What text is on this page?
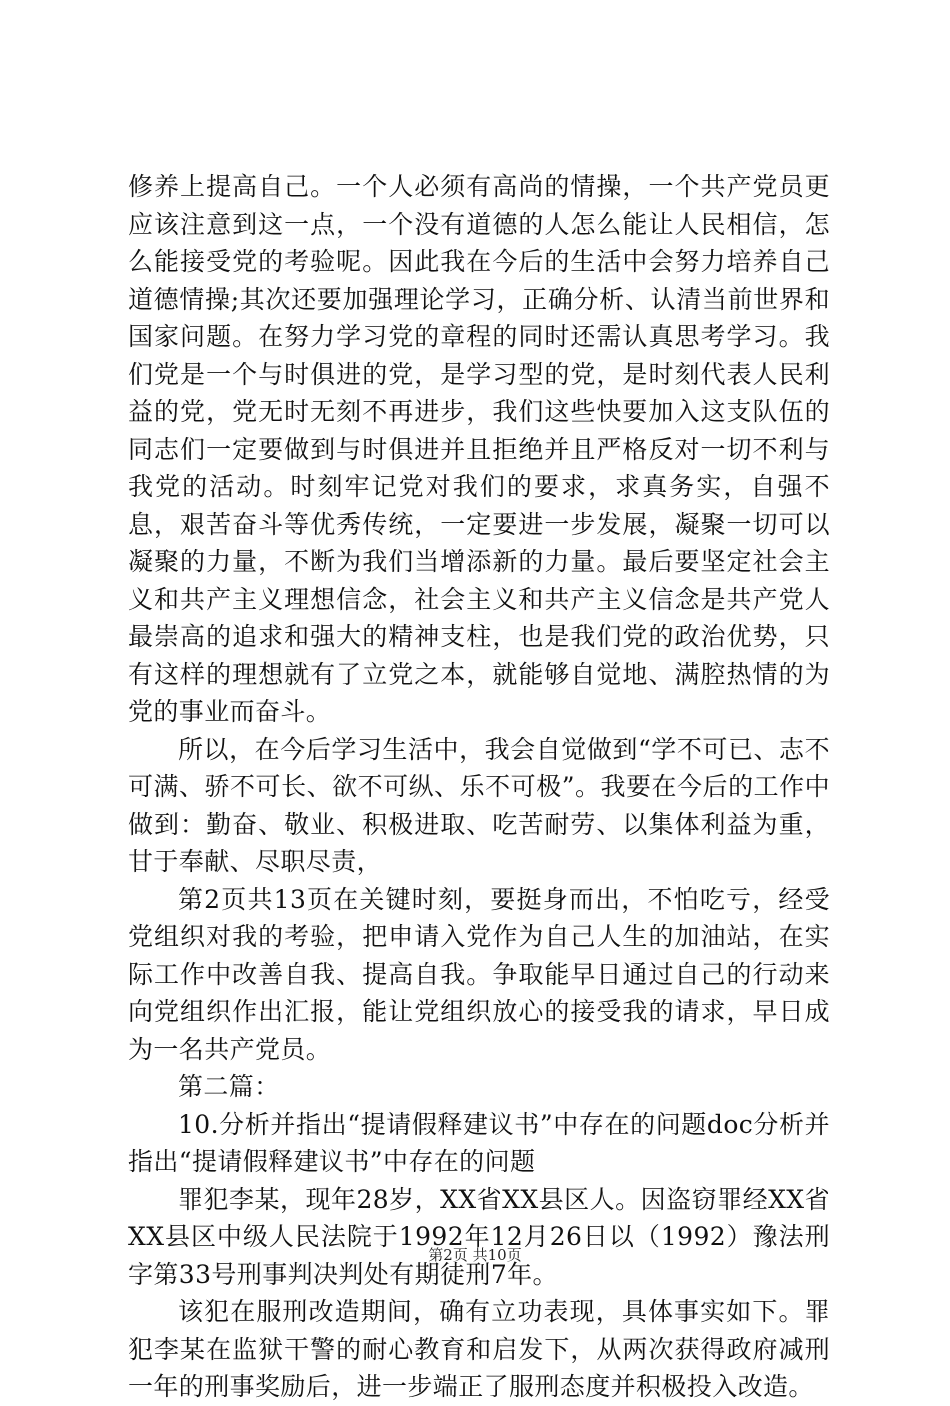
修养上提高自己。一个人必须有高尚的情操，一个共产党员更应该注意到这一点，一个没有道德的人怎么能让人民相信，怎么能接受党的考验呢。因此我在今后的生活中会努力培养自己道德情操;其次还要加强理论学习，正确分析、认清当前世界和国家问题。在努力学习党的章程的同时还需认真思考学习。我们党是一个与时俱进的党，是学习型的党，是时刻代表人民利益的党，党无时无刻不再进步，我们这些快要加入这支队伍的同志们一定要做到与时俱进并且拒绝并且严格反对一切不利与我党的活动。时刻牢记党对我们的要求，求真务实，自强不息，艰苦奋斗等优秀传统，一定要进一步发展，凝聚一切可以凝聚的力量，不断为我们当增添新的力量。最后要坚定社会主义和共产主义理想信念，社会主义和共产主义信念是共产党人最崇高的追求和强大的精神支柱，也是我们党的政治优势，只有这样的理想就有了立党之本，就能够自觉地、满腔热情的为党的事业而奋斗。

所以，在今后学习生活中，我会自觉做到“学不可已、志不可满、骄不可长、欲不可纵、乐不可极”。我要在今后的工作中做到：勤奋、敬业、积极进取、吃苦耐劳、以集体利益为重，甘于奉献、尽职尽责，

第2页共13页在关键时刻，要挺身而出，不怕吃亏，经受党组织对我的考验，把申请入党作为自己人生的加油站，在实际工作中改善自我、提高自我。争取能早日通过自己的行动来向党组织作出汇报，能让党组织放心的接受我的请求，早日成为一名共产党员。

第二篇：

10.分析并指出“提请假释建议书”中存在的问题doc分析并指出“提请假释建议书”中存在的问题

罪犯李某，现年28岁，XX省XX县区人。因盗窃罪经XX省XX县区中级人民法院于1992年12月26日以（1992）豫法刑字第33号刑事判决判处有期徒刑7年。

该犯在服刑改造期间，确有立功表现，具体事实如下。罪犯李某在监狱干警的耐心教育和启发下，从两次获得政府减刑一年的刑事奖励后，进一步端正了服刑态度并积极投入改造。

第2页 共10页
